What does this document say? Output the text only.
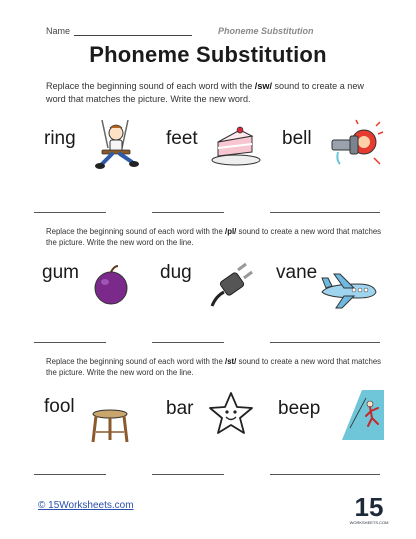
Name	Phoneme Substitution
Phoneme Substitution
Replace the beginning sound of each word with the /sw/ sound to create a new word that matches the picture. Write the new word.
ring	feet	bell
Replace the beginning sound of each word with the /pl/ sound to create a new word that matches the picture. Write the new word on the line.
gum	dug	vane
Replace the beginning sound of each word with the /st/ sound to create a new word that matches the picture. Write the new word on the line.
fool	bar	beep
© 15Worksheets.com	15
WORKSHEETS.COM
